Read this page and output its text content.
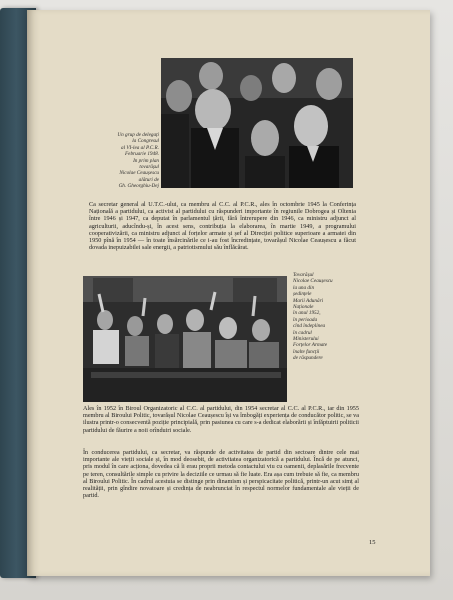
Un grup de delegați
la Congresul
al VI-lea al P.C.R.
Februarie 1948.
In prim plan
tovarășul
Nicolae Ceaușescu
alături de
Gh. Gheorghiu-Dej

Ca secretar general al U.T.C.-ului, ca membru al C.C. al P.C.R., ales în octombrie 1945 la Conferința Națională a partidului, ca activist al partidului cu răspunderi importante în regiunile Dobrogea și Oltenia între 1946 și 1947, ca deputat în parlamentul țării, fără întrerupere din 1946, ca ministru adjunct al agriculturii, aducîndu-și, în acest sens, contribuția la elaborarea, în martie 1949, a programului cooperativizării, ca ministru adjunct al forțelor armate și șef al Direcției politice superioare a armatei din 1950 pînă în 1954 — în toate însărcinările ce i-au fost încredințate, tovarășul Nicolae Ceaușescu a făcut dovada inepuizabilei sale energii, a patriotismului său înflăcărat.

Tovarășul
Nicolae Ceaușescu
la una din
ședințele
Marii Adunări
Naționale
în anul 1952,
în perioada
cînd îndeplinea
în cadrul
Ministerului
Forțelor Armate
înalte funcții
de răspundere

Ales în 1952 în Biroul Organizatoric al C.C. al partidului, din 1954 secretar al C.C. al P.C.R., iar din 1955 membru al Biroului Politic, tovarășul Nicolae Ceaușescu își va îmbogăți experiența de conducător politic, se va ilustra printr-o consecventă poziție principială, prin pasiunea cu care s-a dedicat elaborării și înfăptuirii politicii partidului de făurire a noii orînduiri sociale.

În conducerea partidului, ca secretar, va răspunde de activitatea de partid din sectoare dintre cele mai importante ale vieții sociale și, în mod deosebit, de activitatea organizatorică a partidului. Încă de pe atunci, pris modul în care acționa, dovedea că îi erau proprii metoda contactului viu cu oamenii, deplasările frecvente pe teren, consultările simple cu privire la deciziile ce urmau să fie luate. Era așa cum trebuie să fie, ca membru al Biroului Politic. În cadrul acestuia se distinge prin dinamism și perspicacitate politică, printr-un acut simț al realității, prin gîndire novatoare și credința de neabrunciat în respectul normelor fundamentale ale vieții de partid.

15
